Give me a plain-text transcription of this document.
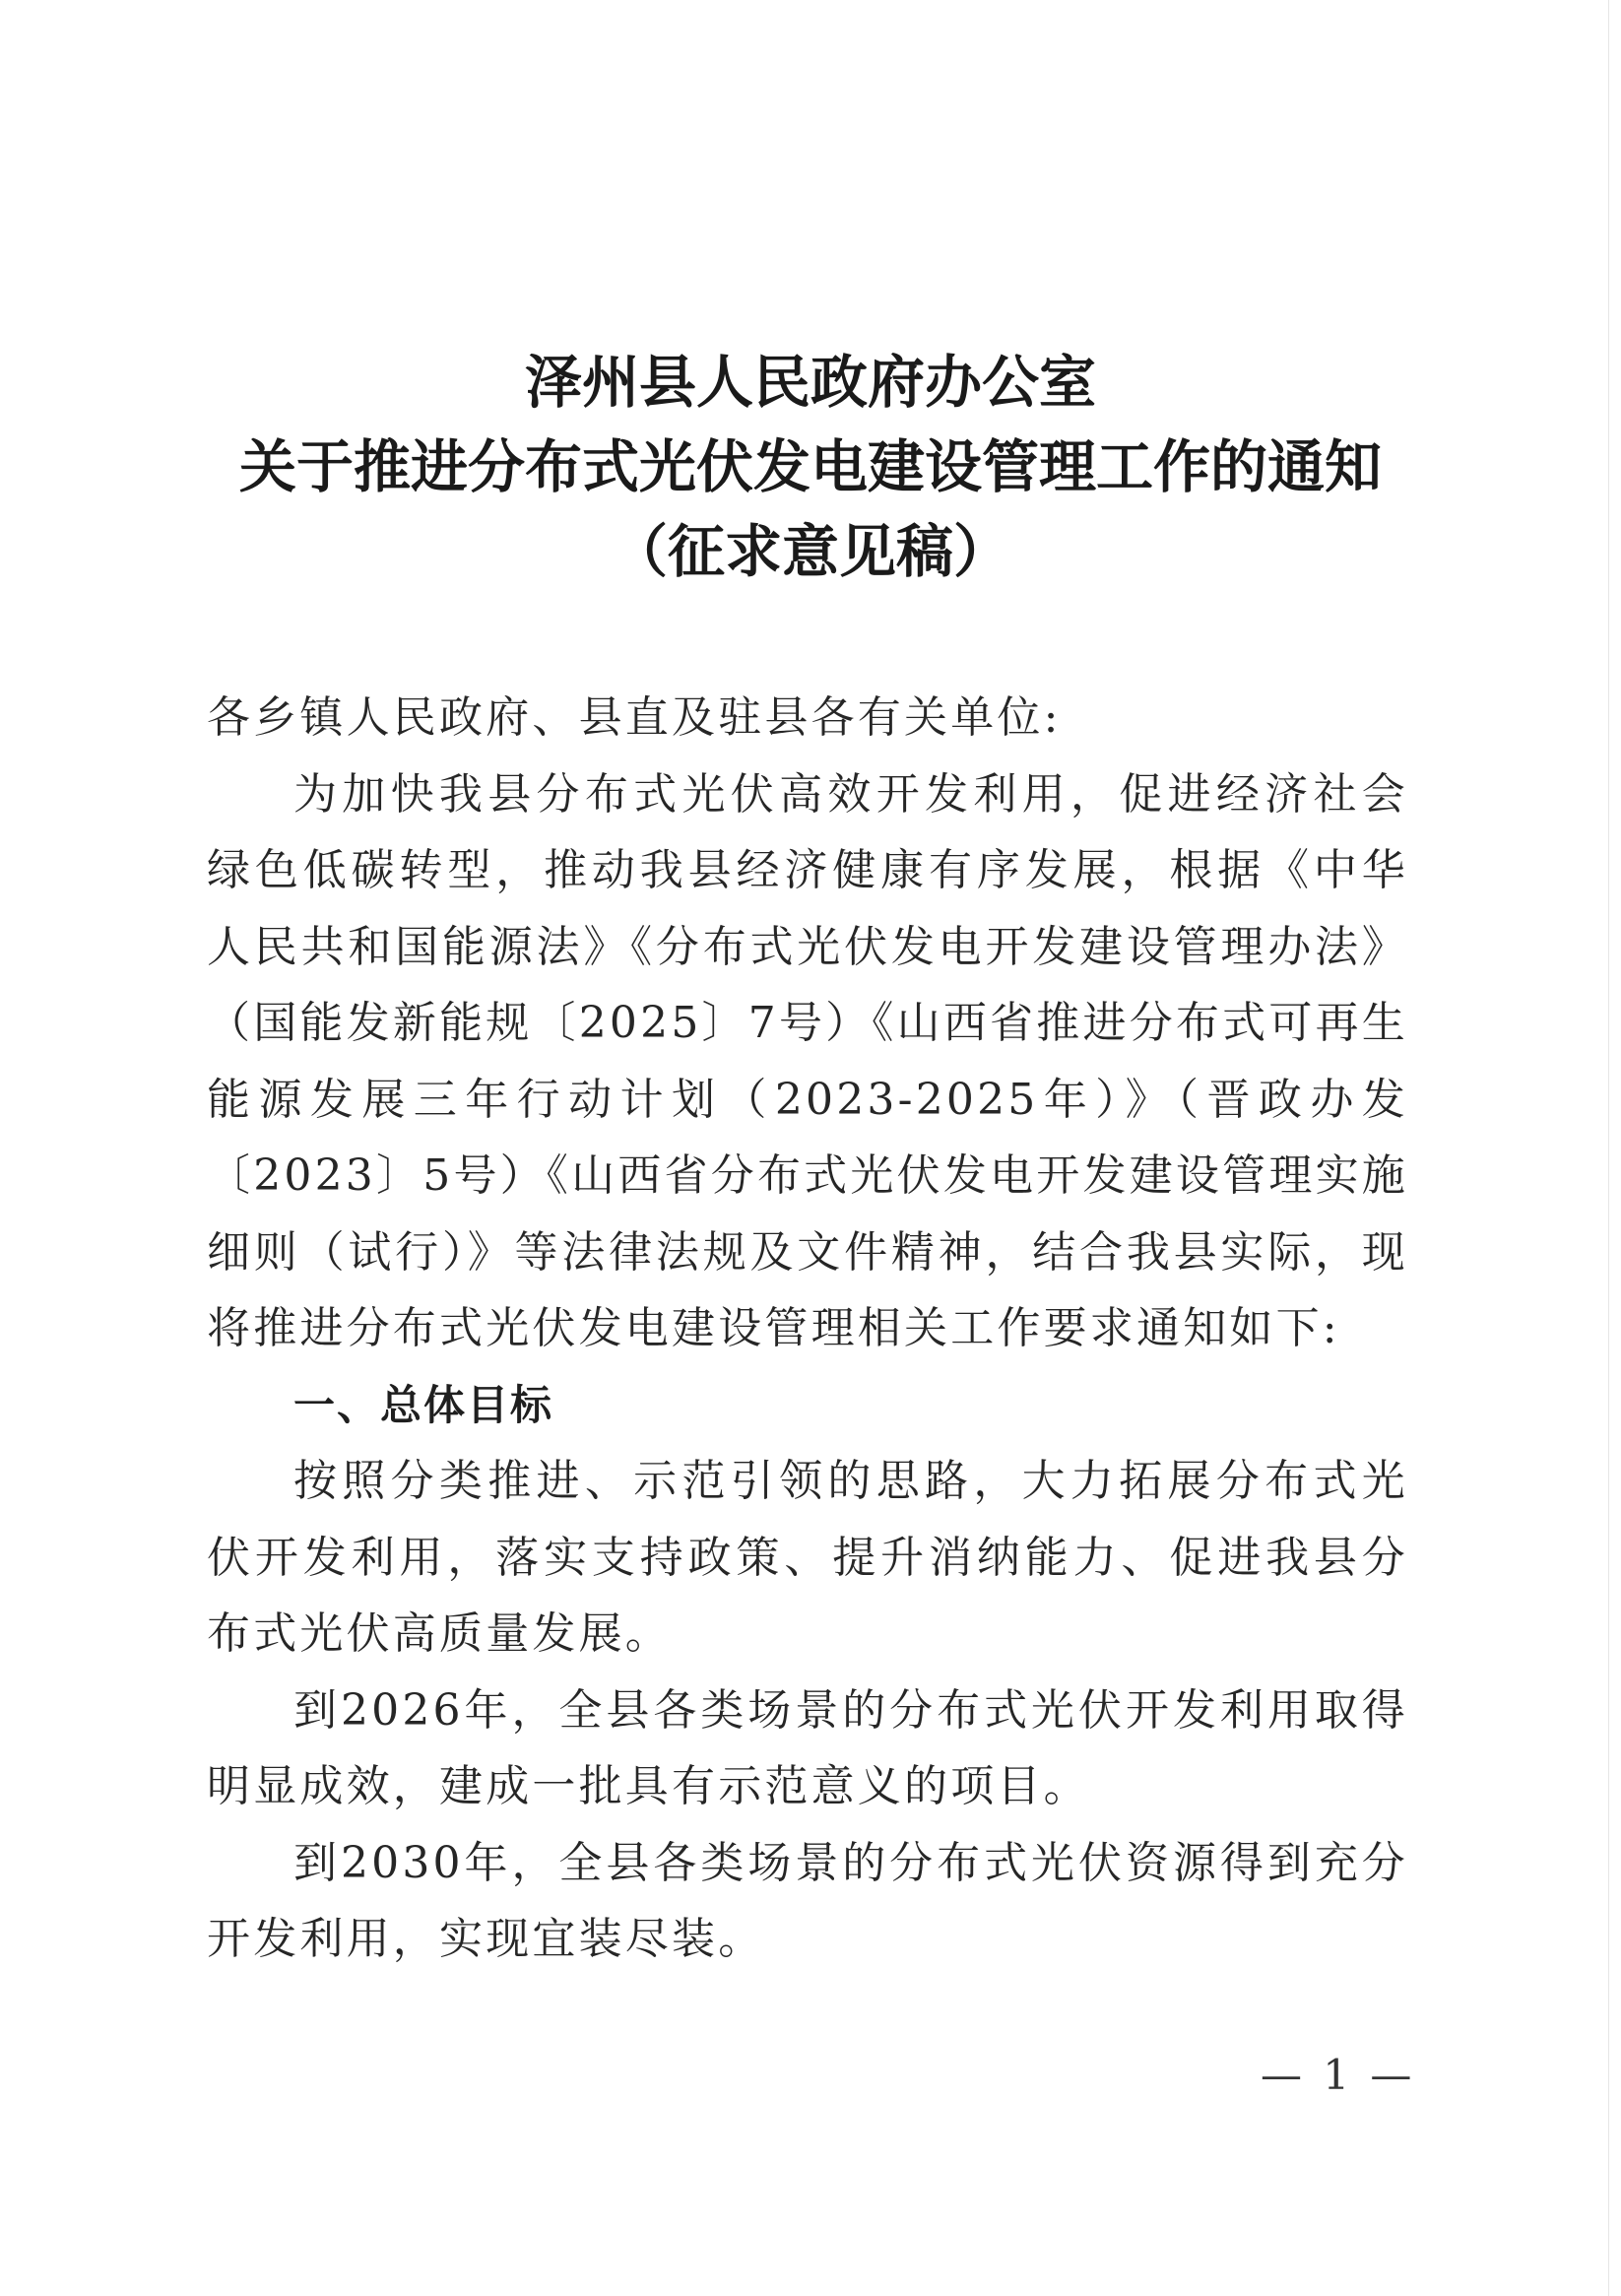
泽州县人民政府办公室
关于推进分布式光伏发电建设管理工作的通知
（征求意见稿）

各乡镇人民政府、县直及驻县各有关单位:

为加快我县分布式光伏高效开发利用，促进经济社会绿色低碳转型，推动我县经济健康有序发展，根据《中华人民共和国能源法》《分布式光伏发电开发建设管理办法》（国能发新能规〔2025〕7号）《山西省推进分布式可再生能源发展三年行动计划（2023-2025年）》（晋政办发〔2023〕5号）《山西省分布式光伏发电开发建设管理实施细则（试行）》等法律法规及文件精神，结合我县实际，现将推进分布式光伏发电建设管理相关工作要求通知如下:

一、总体目标

按照分类推进、示范引领的思路，大力拓展分布式光伏开发利用，落实支持政策、提升消纳能力、促进我县分布式光伏高质量发展。

到2026年，全县各类场景的分布式光伏开发利用取得明显成效，建成一批具有示范意义的项目。

到2030年，全县各类场景的分布式光伏资源得到充分开发利用，实现宜装尽装。

— 1 —
